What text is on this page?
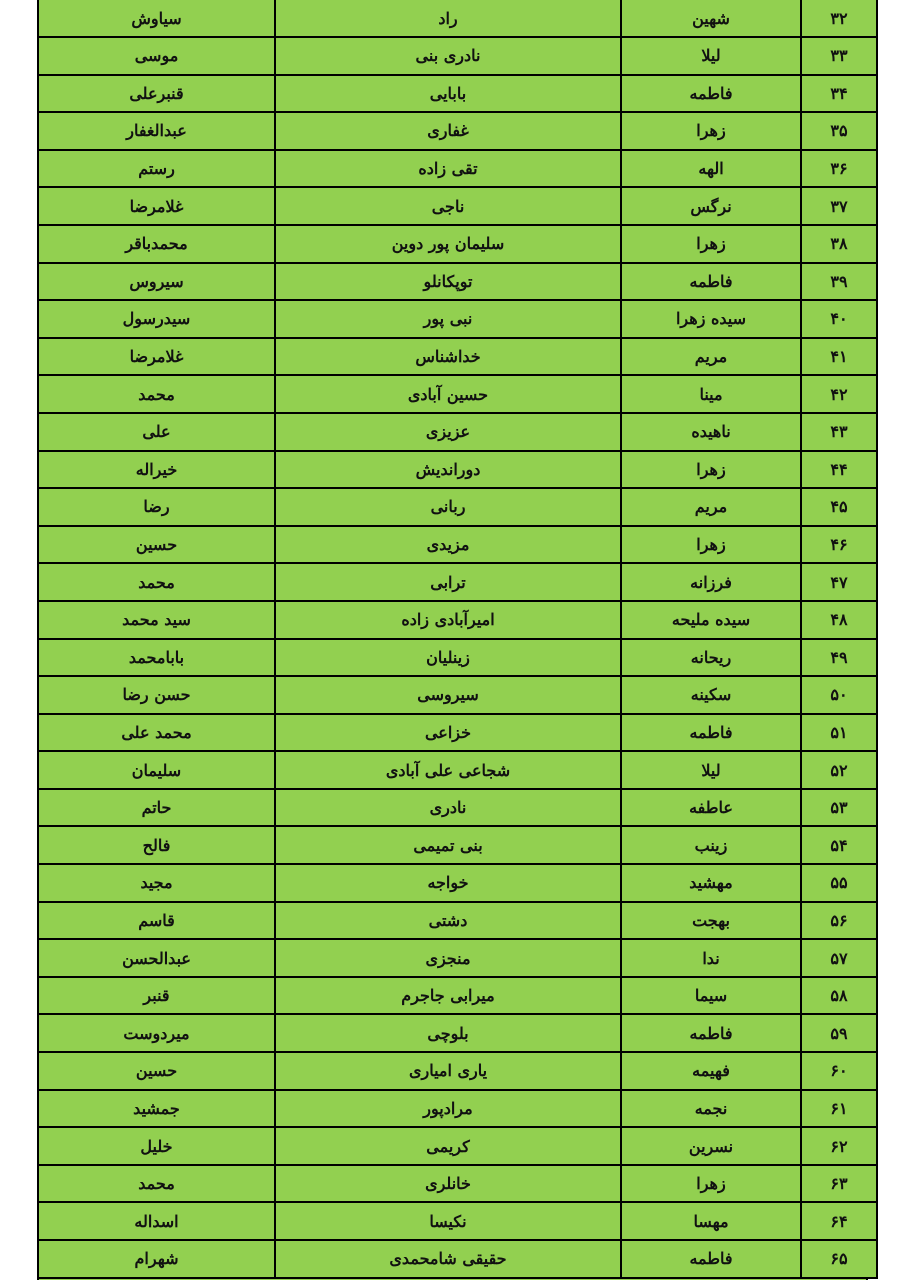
۳۲	شهین	راد	سیاوش
۳۳	لیلا	نادری بنی	موسی
۳۴	فاطمه	بابایی	قنبرعلی
۳۵	زهرا	غفاری	عبدالغفار
۳۶	الهه	تقی زاده	رستم
۳۷	نرگس	ناجی	غلامرضا
۳۸	زهرا	سلیمان پور دوین	محمدباقر
۳۹	فاطمه	توپکانلو	سیروس
۴۰	سیده زهرا	نبی پور	سیدرسول
۴۱	مریم	خداشناس	غلامرضا
۴۲	مینا	حسین آبادی	محمد
۴۳	ناهیده	عزیزی	علی
۴۴	زهرا	دوراندیش	خیراله
۴۵	مریم	ربانی	رضا
۴۶	زهرا	مزیدی	حسین
۴۷	فرزانه	ترابی	محمد
۴۸	سیده ملیحه	امیرآبادی زاده	سید محمد
۴۹	ریحانه	زینلیان	بابامحمد
۵۰	سکینه	سیروسی	حسن رضا
۵۱	فاطمه	خزاعی	محمد علی
۵۲	لیلا	شجاعی علی آبادی	سلیمان
۵۳	عاطفه	نادری	حاتم
۵۴	زینب	بنی تمیمی	فالح
۵۵	مهشید	خواجه	مجید
۵۶	بهجت	دشتی	قاسم
۵۷	ندا	منجزی	عبدالحسن
۵۸	سیما	میرابی جاجرم	قنبر
۵۹	فاطمه	بلوچی	میردوست
۶۰	فهیمه	یاری امیاری	حسین
۶۱	نجمه	مرادپور	جمشید
۶۲	نسرین	کریمی	خلیل
۶۳	زهرا	خانلری	محمد
۶۴	مهسا	نکیسا	اسداله
۶۵	فاطمه	حقیقی شامحمدی	شهرام
